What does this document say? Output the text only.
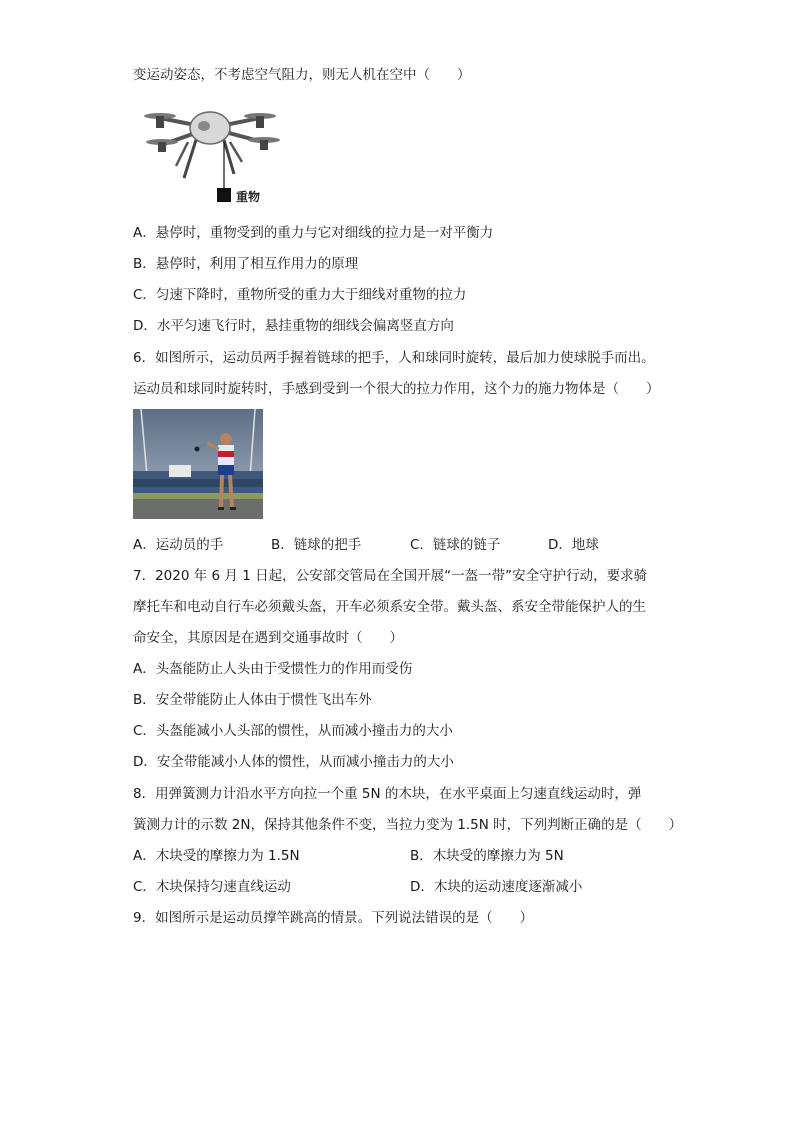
变运动姿态，不考虑空气阻力，则无人机在空中（　　）
重物
A．悬停时，重物受到的重力与它对细线的拉力是一对平衡力
B．悬停时，利用了相互作用力的原理
C．匀速下降时，重物所受的重力大于细线对重物的拉力
D．水平匀速飞行时，悬挂重物的细线会偏离竖直方向
6．如图所示，运动员两手握着链球的把手，人和球同时旋转，最后加力使球脱手而出。
运动员和球同时旋转时，手感到受到一个很大的拉力作用，这个力的施力物体是（　　）
A．运动员的手	B．链球的把手	C．链球的链子	D．地球
7．2020 年 6 月 1 日起，公安部交管局在全国开展“一盔一带”安全守护行动，要求骑
摩托车和电动自行车必须戴头盔，开车必须系安全带。戴头盔、系安全带能保护人的生
命安全，其原因是在遇到交通事故时（　　）
A．头盔能防止人头由于受惯性力的作用而受伤
B．安全带能防止人体由于惯性飞出车外
C．头盔能减小人头部的惯性，从而减小撞击力的大小
D．安全带能减小人体的惯性，从而减小撞击力的大小
8．用弹簧测力计沿水平方向拉一个重 5N 的木块，在水平桌面上匀速直线运动时，弹
簧测力计的示数 2N，保持其他条件不变，当拉力变为 1.5N 时，下列判断正确的是（　　）
A．木块受的摩擦力为 1.5N	B．木块受的摩擦力为 5N
C．木块保持匀速直线运动	D．木块的运动速度逐渐减小
9．如图所示是运动员撑竿跳高的情景。下列说法错误的是（　　）
